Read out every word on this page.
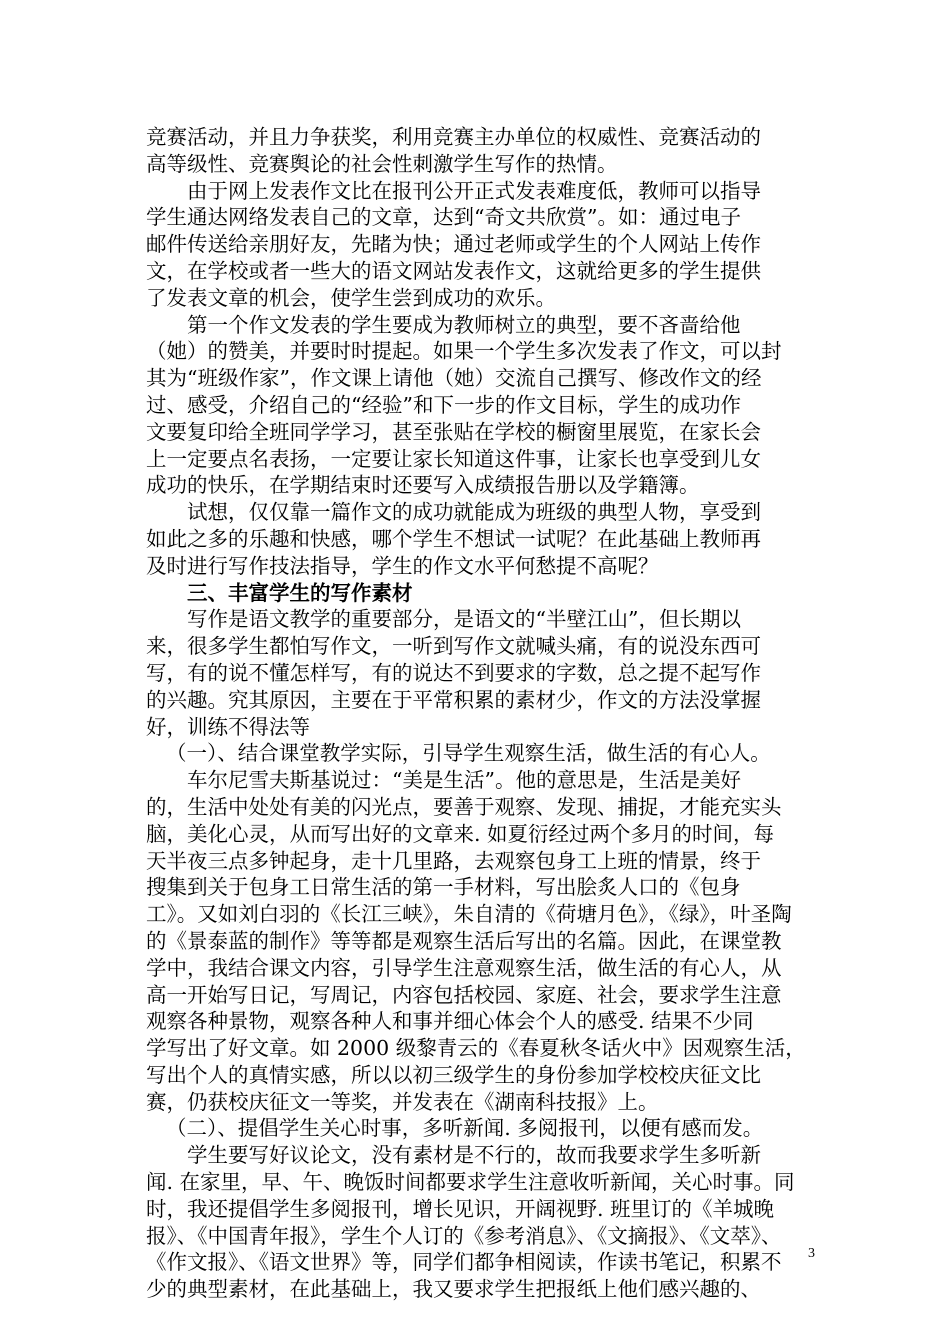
竞赛活动，并且力争获奖，利用竞赛主办单位的权威性、竞赛活动的
高等级性、竞赛舆论的社会性刺激学生写作的热情。
由于网上发表作文比在报刊公开正式发表难度低，教师可以指导
学生通达网络发表自己的文章，达到“奇文共欣赏”。如：通过电子
邮件传送给亲朋好友，先睹为快；通过老师或学生的个人网站上传作
文，在学校或者一些大的语文网站发表作文，这就给更多的学生提供
了发表文章的机会，使学生尝到成功的欢乐。
第一个作文发表的学生要成为教师树立的典型，要不吝啬给他
（她）的赞美，并要时时提起。如果一个学生多次发表了作文，可以封
其为“班级作家”，作文课上请他（她）交流自己撰写、修改作文的经
过、感受，介绍自己的“经验”和下一步的作文目标，学生的成功作
文要复印给全班同学学习，甚至张贴在学校的橱窗里展览，在家长会
上一定要点名表扬，一定要让家长知道这件事，让家长也享受到儿女
成功的快乐，在学期结束时还要写入成绩报告册以及学籍簿。
试想，仅仅靠一篇作文的成功就能成为班级的典型人物，享受到
如此之多的乐趣和快感，哪个学生不想试一试呢？在此基础上教师再
及时进行写作技法指导，学生的作文水平何愁提不高呢？
三、丰富学生的写作素材
写作是语文教学的重要部分，是语文的“半壁江山”，但长期以
来，很多学生都怕写作文，一听到写作文就喊头痛，有的说没东西可
写，有的说不懂怎样写，有的说达不到要求的字数，总之提不起写作
的兴趣。究其原因，主要在于平常积累的素材少，作文的方法没掌握
好，训练不得法等
（一）、结合课堂教学实际，引导学生观察生活，做生活的有心人。
车尔尼雪夫斯基说过：“美是生活”。他的意思是，生活是美好
的，生活中处处有美的闪光点，要善于观察、发现、捕捉，才能充实头
脑，美化心灵，从而写出好的文章来. 如夏衍经过两个多月的时间，每
天半夜三点多钟起身，走十几里路，去观察包身工上班的情景，终于
搜集到关于包身工日常生活的第一手材料，写出脍炙人口的《包身
工》。又如刘白羽的《长江三峡》，朱自清的《荷塘月色》，《绿》，叶圣陶
的《景泰蓝的制作》等等都是观察生活后写出的名篇。因此，在课堂教
学中，我结合课文内容，引导学生注意观察生活，做生活的有心人，从
高一开始写日记，写周记，内容包括校园、家庭、社会，要求学生注意
观察各种景物，观察各种人和事并细心体会个人的感受. 结果不少同
学写出了好文章。如 2000 级黎青云的《春夏秋冬话火中》因观察生活，
写出个人的真情实感，所以以初三级学生的身份参加学校校庆征文比
赛，仍获校庆征文一等奖，并发表在《湖南科技报》上。
（二）、提倡学生关心时事，多听新闻. 多阅报刊，以便有感而发。
学生要写好议论文，没有素材是不行的，故而我要求学生多听新
闻. 在家里，早、午、晚饭时间都要求学生注意收听新闻，关心时事。同
时，我还提倡学生多阅报刊，增长见识，开阔视野. 班里订的《羊城晚
报》、《中国青年报》，学生个人订的《参考消息》、《文摘报》、《文萃》、
《作文报》、《语文世界》等，同学们都争相阅读，作读书笔记，积累不
少的典型素材，在此基础上，我又要求学生把报纸上他们感兴趣的、
3
